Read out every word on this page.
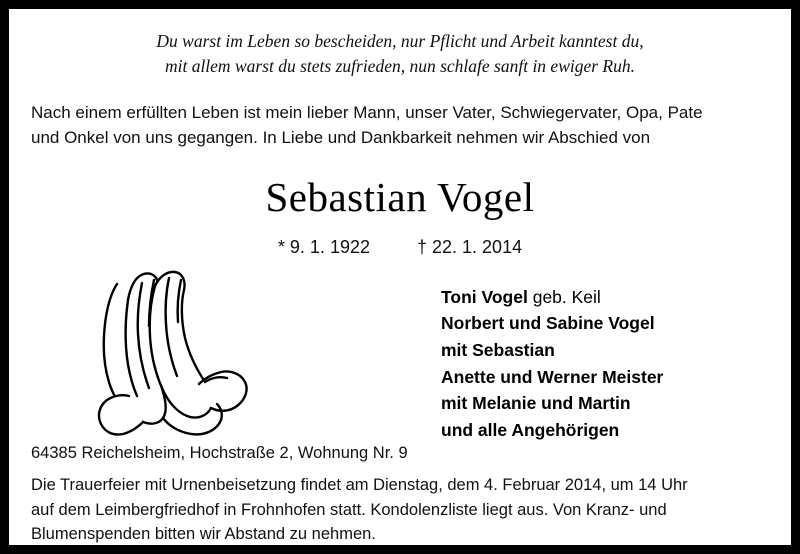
Du warst im Leben so bescheiden, nur Pflicht und Arbeit kanntest du,
mit allem warst du stets zufrieden, nun schlafe sanft in ewiger Ruh.
Nach einem erfüllten Leben ist mein lieber Mann, unser Vater, Schwiegervater, Opa, Pate
und Onkel von uns gegangen. In Liebe und Dankbarkeit nehmen wir Abschied von
Sebastian Vogel
* 9. 1. 1922	† 22. 1. 2014
Toni Vogel geb. Keil
Norbert und Sabine Vogel
mit Sebastian
Anette und Werner Meister
mit Melanie und Martin
und alle Angehörigen
64385 Reichelsheim, Hochstraße 2, Wohnung Nr. 9
Die Trauerfeier mit Urnenbeisetzung findet am Dienstag, dem 4. Februar 2014, um 14 Uhr
auf dem Leimbergfriedhof in Frohnhofen statt. Kondolenzliste liegt aus. Von Kranz- und
Blumenspenden bitten wir Abstand zu nehmen.
